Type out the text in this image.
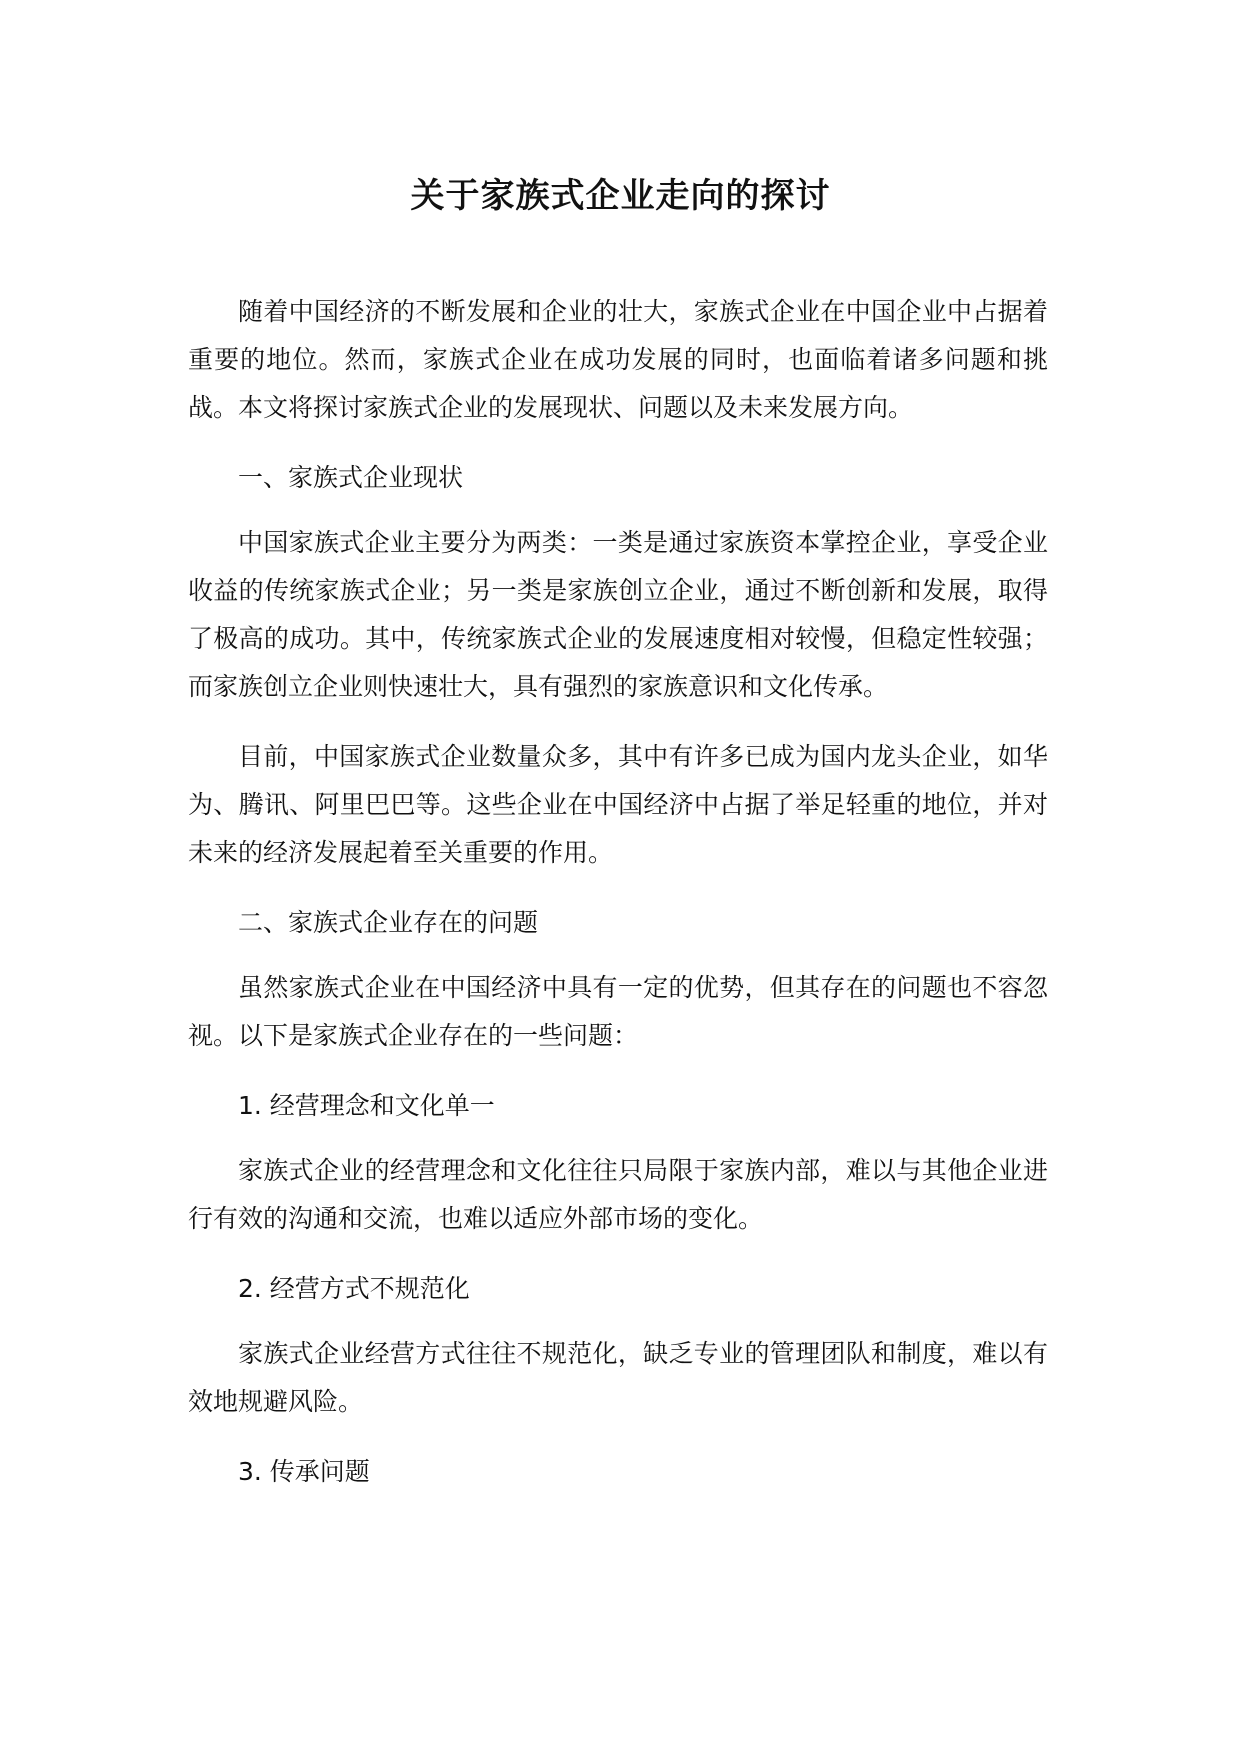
关于家族式企业走向的探讨

随着中国经济的不断发展和企业的壮大，家族式企业在中国企业中占据着重要的地位。然而，家族式企业在成功发展的同时，也面临着诸多问题和挑战。本文将探讨家族式企业的发展现状、问题以及未来发展方向。

一、家族式企业现状

中国家族式企业主要分为两类：一类是通过家族资本掌控企业，享受企业收益的传统家族式企业；另一类是家族创立企业，通过不断创新和发展，取得了极高的成功。其中，传统家族式企业的发展速度相对较慢，但稳定性较强；而家族创立企业则快速壮大，具有强烈的家族意识和文化传承。

目前，中国家族式企业数量众多，其中有许多已成为国内龙头企业，如华为、腾讯、阿里巴巴等。这些企业在中国经济中占据了举足轻重的地位，并对未来的经济发展起着至关重要的作用。

二、家族式企业存在的问题

虽然家族式企业在中国经济中具有一定的优势，但其存在的问题也不容忽视。以下是家族式企业存在的一些问题：

1. 经营理念和文化单一

家族式企业的经营理念和文化往往只局限于家族内部，难以与其他企业进行有效的沟通和交流，也难以适应外部市场的变化。

2. 经营方式不规范化

家族式企业经营方式往往不规范化，缺乏专业的管理团队和制度，难以有效地规避风险。

3. 传承问题
